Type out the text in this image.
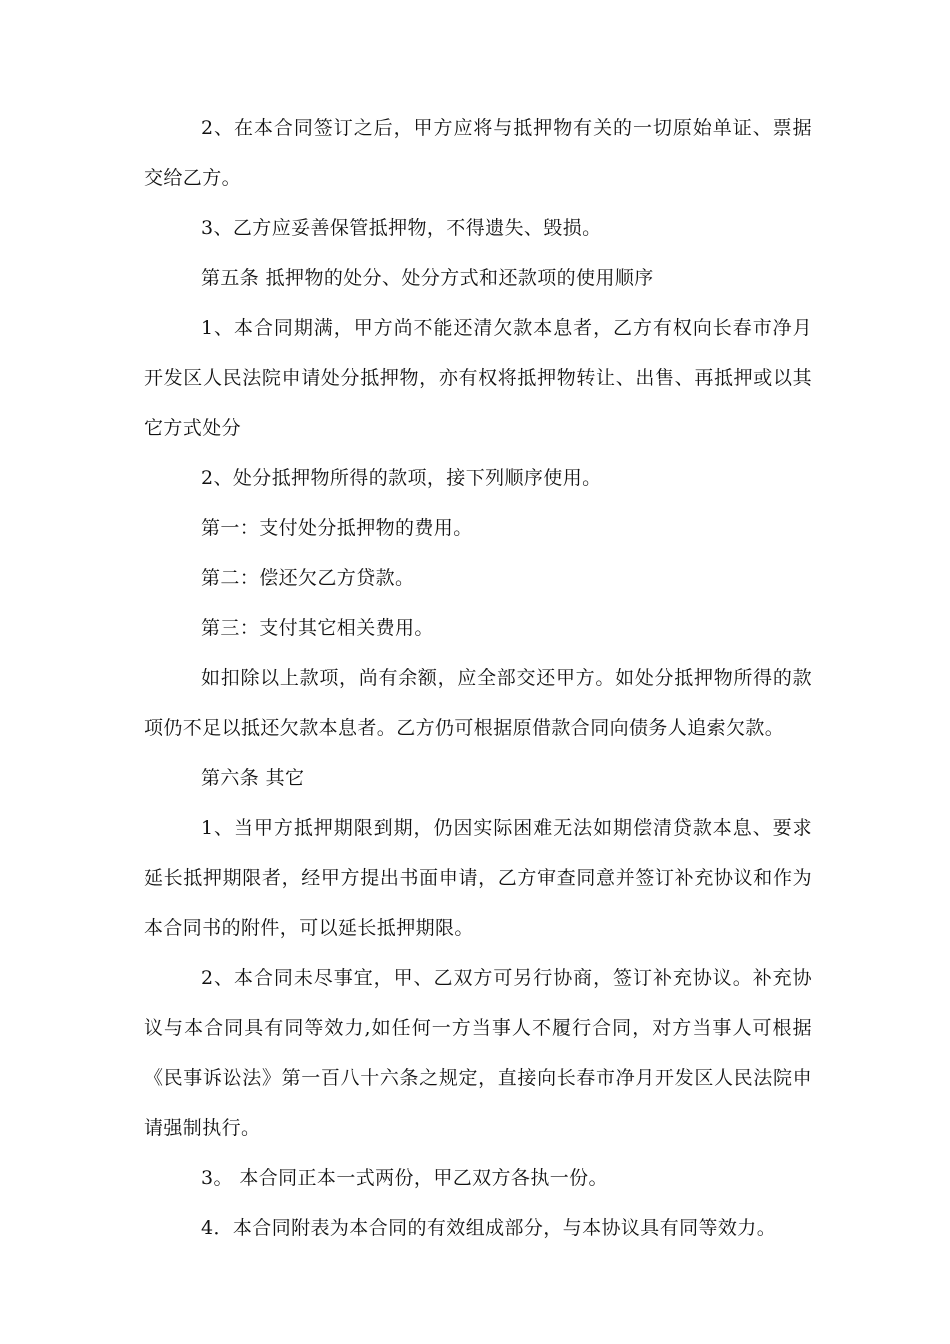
2、在本合同签订之后，甲方应将与抵押物有关的一切原始单证、票据交给乙方。

3、乙方应妥善保管抵押物，不得遗失、毁损。

第五条 抵押物的处分、处分方式和还款项的使用顺序

1、本合同期满，甲方尚不能还清欠款本息者，乙方有权向长春市净月开发区人民法院申请处分抵押物，亦有权将抵押物转让、出售、再抵押或以其它方式处分

2、处分抵押物所得的款项，接下列顺序使用。

第一：支付处分抵押物的费用。

第二：偿还欠乙方贷款。

第三：支付其它相关费用。

如扣除以上款项，尚有余额，应全部交还甲方。如处分抵押物所得的款项仍不足以抵还欠款本息者。乙方仍可根据原借款合同向债务人追索欠款。

第六条 其它

1、当甲方抵押期限到期，仍因实际困难无法如期偿清贷款本息、要求延长抵押期限者，经甲方提出书面申请，乙方审查同意并签订补充协议和作为本合同书的附件，可以延长抵押期限。

2、本合同未尽事宜，甲、乙双方可另行协商，签订补充协议。补充协议与本合同具有同等效力,如任何一方当事人不履行合同，对方当事人可根据《民事诉讼法》第一百八十六条之规定，直接向长春市净月开发区人民法院申请强制执行。

3。 本合同正本一式两份，甲乙双方各执一份。

4．本合同附表为本合同的有效组成部分，与本协议具有同等效力。
